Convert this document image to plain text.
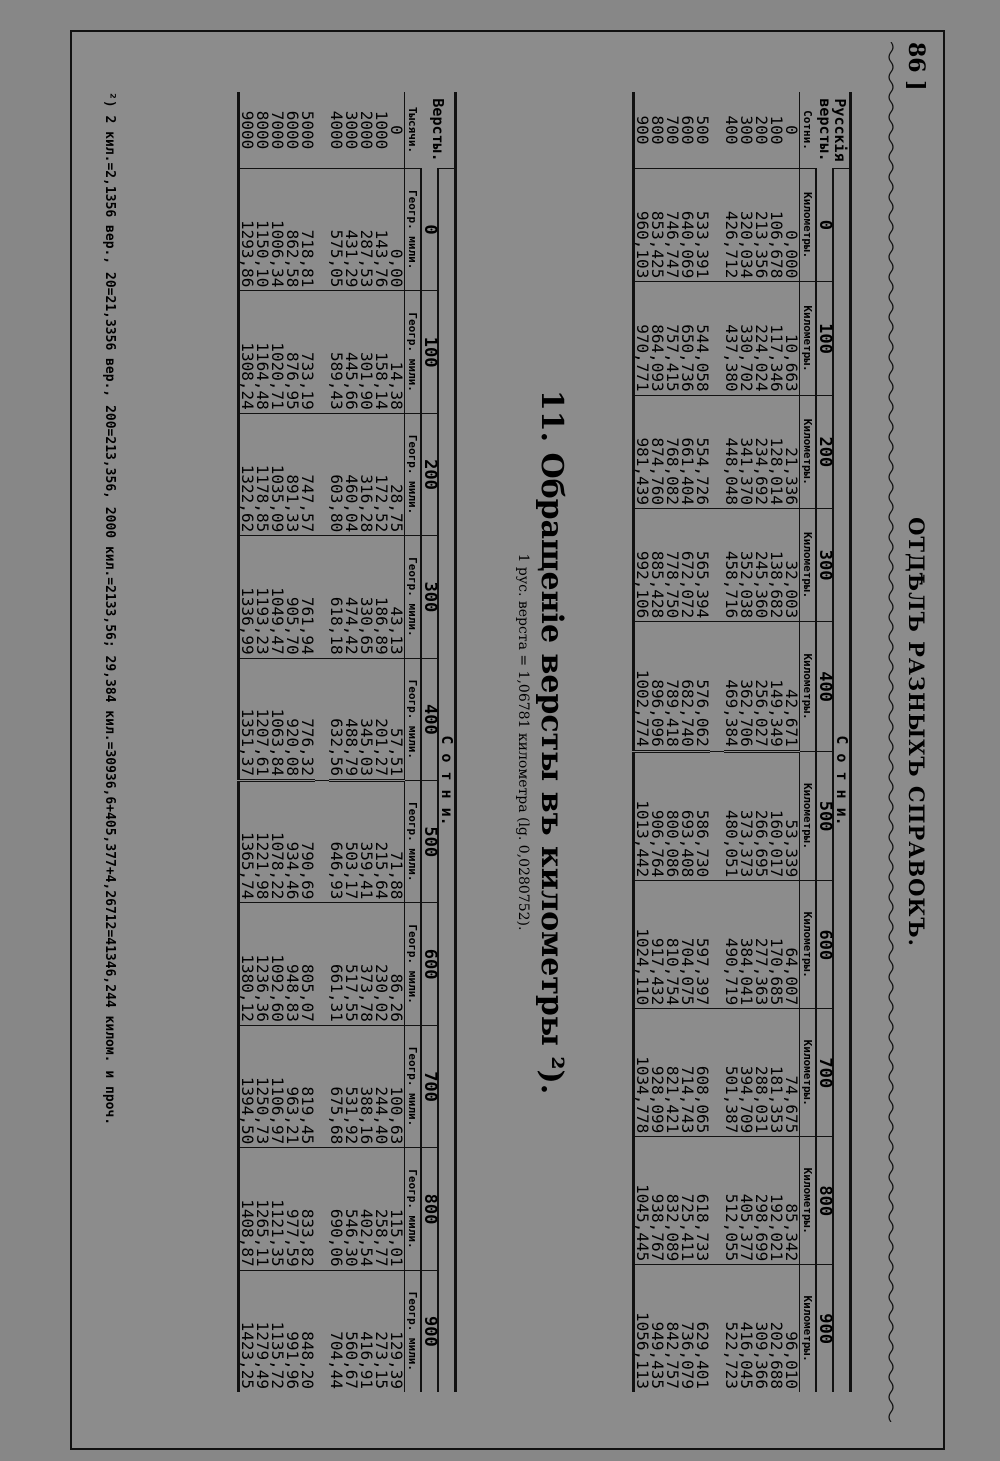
86 ]
ОТДѢЛЪ РАЗНЫХЪ СПРАВОКЪ.
11. Обращеніе версты въ километры ²).
1 рус. верста = 1,06781 километра (lg. 0,0280752).
Русскія версты.	С о т н и.									
	0	100	200	300	400	500	600	700	800	900
Сотни.	Километры.	Километры.	Километры.	Километры.	Километры.	Километры.	Километры.	Километры.	Километры.	Километры.
0	0,000	10,663	21,336	32,003	42,671	53,339	64,007	74,675	85,342	96,010
100	106,678	117,346	128,014	138,682	149,349	160,017	170,685	181,353	192,021	202,688
200	213,356	224,024	234,692	245,360	256,027	266,695	277,363	288,031	298,699	309,366
300	320,034	330,702	341,370	352,038	362,706	373,373	384,041	394,709	405,377	416,045
400	426,712	437,380	448,048	458,716	469,384	480,051	490,719	501,387	512,055	522,723

500	533,391	544,058	554,726	565,394	576,062	586,730	597,397	608,065	618,733	629,401
600	640,069	650,736	661,404	672,072	682,740	693,408	704,075	714,743	725,411	736,079
700	746,747	757,415	768,082	778,750	789,418	800,086	810,754	821,421	832,089	842,757
800	853,425	864,093	874,760	885,428	896,096	906,764	917,432	928,099	938,767	949,435
900	960,103	970,771	981,439	992,106	1002,774	1013,442	1024,110	1034,778	1045,445	1056,113
Версты.	С о т н и.									
	0	100	200	300	400	500	600	700	800	900
Тысячи.	Геогр. мили.	Геогр. мили.	Геогр. мили.	Геогр. мили.	Геогр. мили.	Геогр. мили.	Геогр. мили.	Геогр. мили.	Геогр. мили.	Геогр. мили.
0	0,00	14,38	28,75	43,13	57,51	71,88	86,26	100,63	115,01	129,39
1000	143,76	158,14	172,52	186,89	201,27	215,64	230,02	244,40	258,77	273,15
2000	287,53	301,90	316,28	330,65	345,03	359,41	373,78	388,16	402,54	416,91
3000	431,29	445,66	460,04	474,42	488,79	503,17	517,55	531,92	546,30	560,67
4000	575,05	589,43	603,80	618,18	632,56	646,93	661,31	675,68	690,06	704,44

5000	718,81	733,19	747,57	761,94	776,32	790,69	805,07	819,45	833,82	848,20
6000	862,58	876,95	891,33	905,70	920,08	934,46	948,83	963,21	977,59	991,96
7000	1006,34	1020,71	1035,09	1049,47	1063,84	1078,22	1092,60	1106,97	1121,35	1135,72
8000	1150,10	1164,48	1178,85	1193,23	1207,61	1221,98	1236,36	1250,73	1265,11	1279,49
9000	1293,86	1308,24	1322,62	1336,99	1351,37	1365,74	1380,12	1394,50	1408,87	1423,25
²) 2 кил.=2,1356 вер., 20=21,3356 вер., 200=213,356, 2000 кил.=2133,56; 29,384 кил.=30936,6+405,377+4,26712=41346,244 килом. и проч.
